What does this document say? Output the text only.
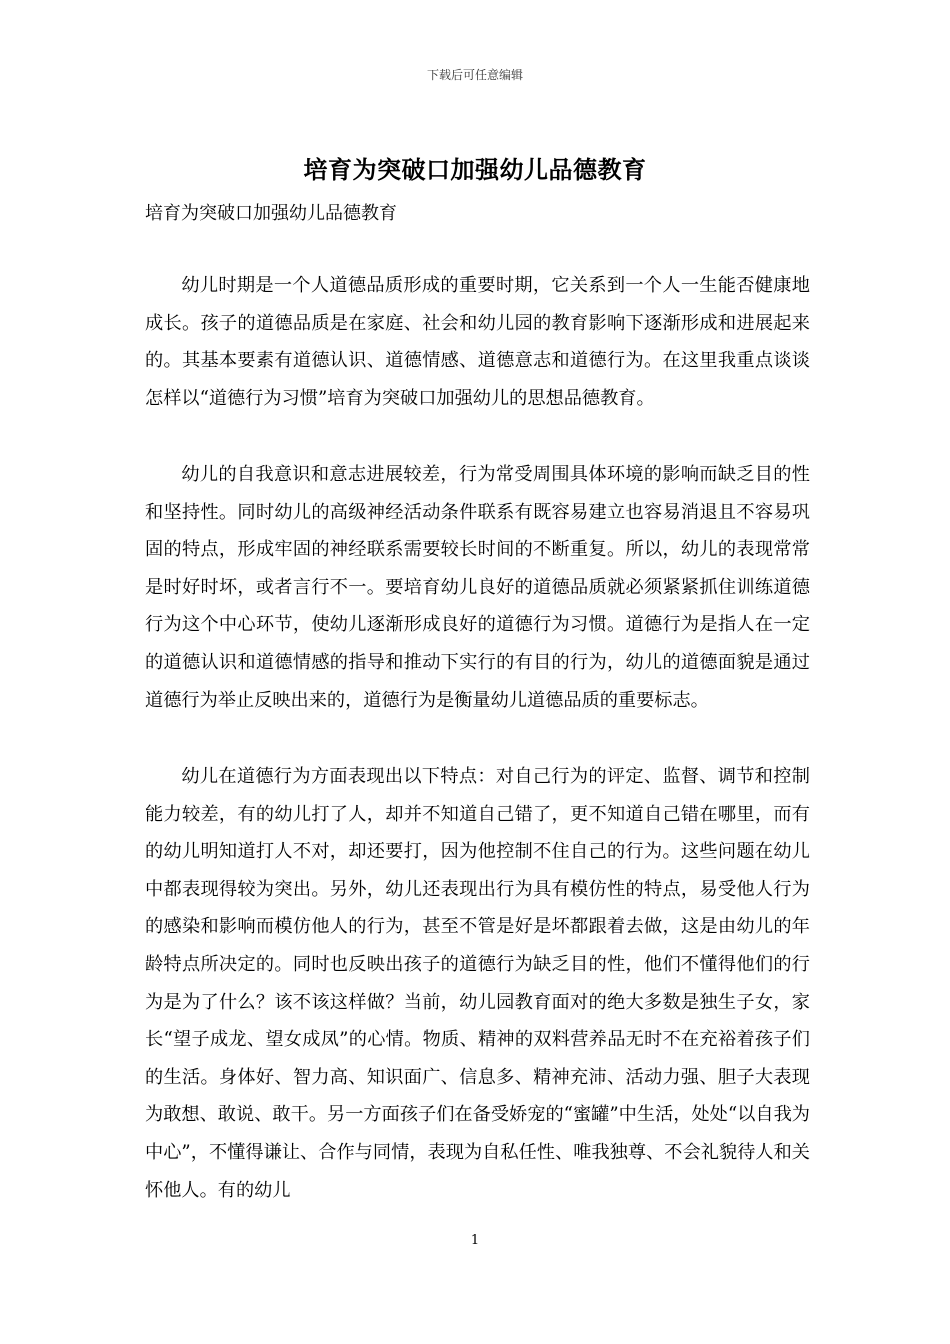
下载后可任意编辑
培育为突破口加强幼儿品德教育
培育为突破口加强幼儿品德教育

幼儿时期是一个人道德品质形成的重要时期，它关系到一个人一生能否健康地成长。孩子的道德品质是在家庭、社会和幼儿园的教育影响下逐渐形成和进展起来的。其基本要素有道德认识、道德情感、道德意志和道德行为。在这里我重点谈谈怎样以“道德行为习惯”培育为突破口加强幼儿的思想品德教育。

幼儿的自我意识和意志进展较差，行为常受周围具体环境的影响而缺乏目的性和坚持性。同时幼儿的高级神经活动条件联系有既容易建立也容易消退且不容易巩固的特点，形成牢固的神经联系需要较长时间的不断重复。所以，幼儿的表现常常是时好时坏，或者言行不一。要培育幼儿良好的道德品质就必须紧紧抓住训练道德行为这个中心环节，使幼儿逐渐形成良好的道德行为习惯。道德行为是指人在一定的道德认识和道德情感的指导和推动下实行的有目的行为，幼儿的道德面貌是通过道德行为举止反映出来的，道德行为是衡量幼儿道德品质的重要标志。

幼儿在道德行为方面表现出以下特点：对自己行为的评定、监督、调节和控制能力较差，有的幼儿打了人，却并不知道自己错了，更不知道自己错在哪里，而有的幼儿明知道打人不对，却还要打，因为他控制不住自己的行为。这些问题在幼儿中都表现得较为突出。另外，幼儿还表现出行为具有模仿性的特点，易受他人行为的感染和影响而模仿他人的行为，甚至不管是好是坏都跟着去做，这是由幼儿的年龄特点所决定的。同时也反映出孩子的道德行为缺乏目的性，他们不懂得他们的行为是为了什么？该不该这样做？当前，幼儿园教育面对的绝大多数是独生子女，家长“望子成龙、望女成凤”的心情。物质、精神的双料营养品无时不在充裕着孩子们的生活。身体好、智力高、知识面广、信息多、精神充沛、活动力强、胆子大表现为敢想、敢说、敢干。另一方面孩子们在备受娇宠的“蜜罐”中生活，处处“以自我为中心”，不懂得谦让、合作与同情，表现为自私任性、唯我独尊、不会礼貌待人和关怀他人。有的幼儿

1
